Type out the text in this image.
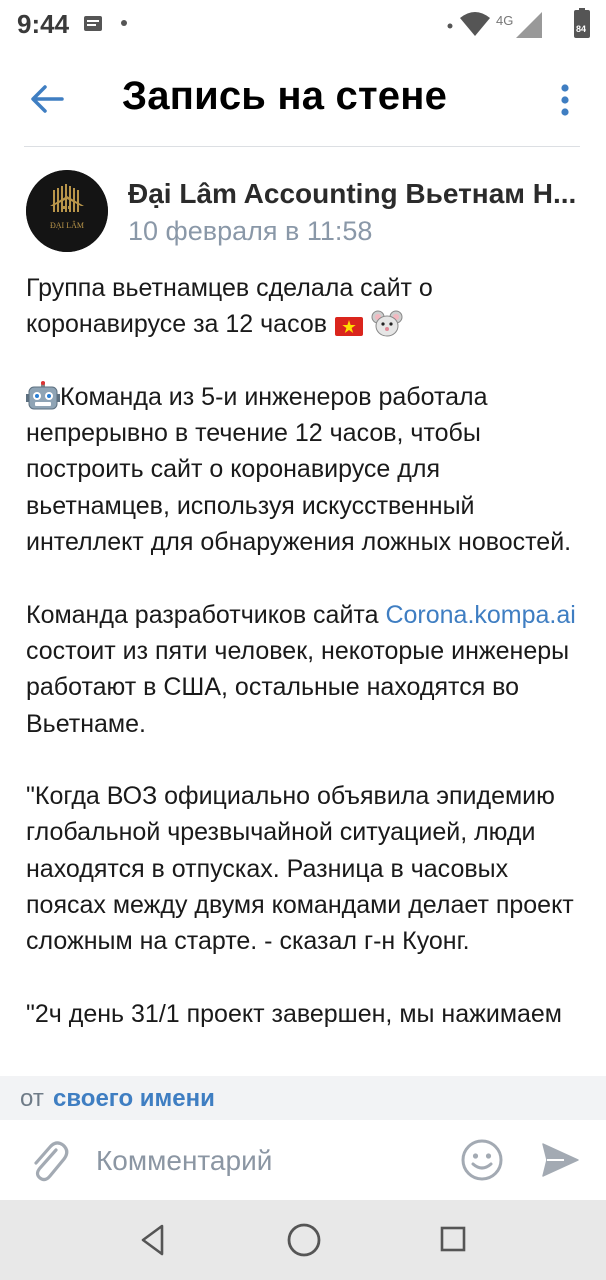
9:44	4G
84
Запись на стене
ĐẠI LÂM
Đại Lâm Accounting Вьетнам Н...
10 февраля в 11:58

Группа вьетнамцев сделала сайт о коронавирусе за 12 часов

Команда из 5-и инженеров работала непрерывно в течение 12 часов, чтобы построить сайт о коронавирусе для вьетнамцев, используя искусственный интеллект для обнаружения ложных новостей.

Команда разработчиков сайта Corona.kompa.ai состоит из пяти человек, некоторые инженеры работают в США, остальные находятся во Вьетнаме.

"Когда ВОЗ официально объявила эпидемию глобальной чрезвычайной ситуацией, люди находятся в отпусках. Разница в часовых поясах между двумя командами делает проект сложным на старте. - сказал г-н Куонг.

"2ч день 31/1 проект завершен, мы нажимаем

от своего имени
Комментарий
